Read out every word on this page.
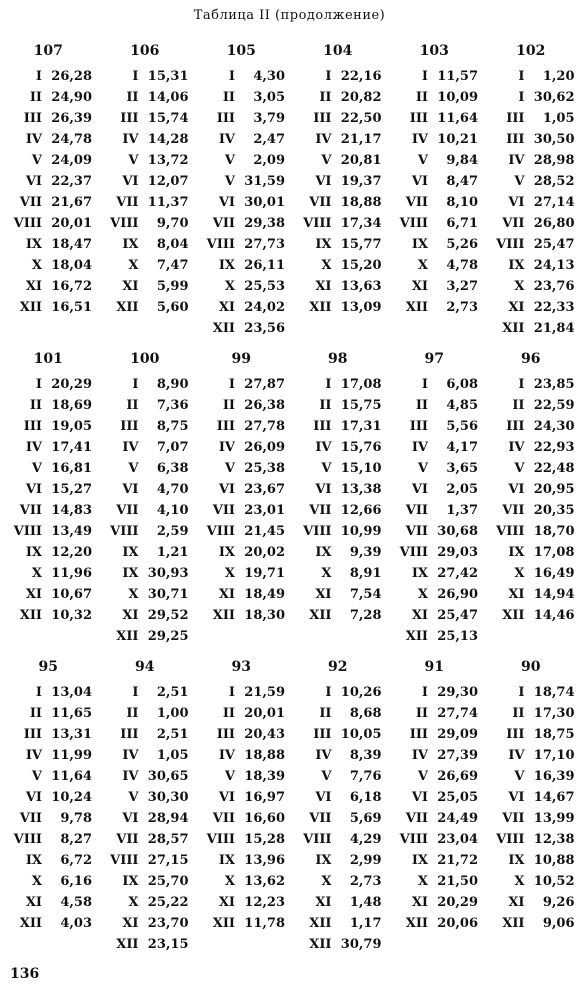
Таблица II (продолжение)
107
I 26,28
II 24,90
III 26,39
IV 24,78
V 24,09
VI 22,37
VII 21,67
VIII 20,01
IX 18,47
X 18,04
XI 16,72
XII 16,51
106
I 15,31
II 14,06
III 15,74
IV 14,28
V 13,72
VI 12,07
VII 11,37
VIII	9,70
IX	8,04
X	7,47
XI	5,99
XII	5,60
105
I	4,30
II	3,05
III	3,79
IV	2,47
V	2,09
V 31,59
VI 30,01
VII 29,38
VIII 27,73
IX 26,11
X 25,53
XI 24,02
XII 23,56
104
I 22,16
II 20,82
III 22,50
IV 21,17
V 20,81
VI 19,37
VII 18,88
VIII 17,34
IX 15,77
X 15,20
XI 13,63
XII 13,09
103
I 11,57
II 10,09
III 11,64
IV 10,21
V	9,84
VI	8,47
VII	8,10
VIII	6,71
IX	5,26
X	4,78
XI	3,27
XII	2,73
102
I	1,20
I 30,62
III	1,05
III 30,50
IV 28,98
V 28,52
VI 27,14
VII 26,80
VIII 25,47
IX 24,13
X 23,76
XI 22,33
XII 21,84
101
I 20,29
II 18,69
III 19,05
IV 17,41
V 16,81
VI 15,27
VII 14,83
VIII 13,49
IX 12,20
X 11,96
XI 10,67
XII 10,32
100
I	8,90
II	7,36
III	8,75
IV	7,07
V	6,38
VI	4,70
VII	4,10
VIII	2,59
IX	1,21
IX 30,93
X 30,71
XI 29,52
XII 29,25
99
I 27,87
II 26,38
III 27,78
IV 26,09
V 25,38
VI 23,67
VII 23,01
VIII 21,45
IX 20,02
X 19,71
XI 18,49
XII 18,30
98
I 17,08
II 15,75
III 17,31
IV 15,76
V 15,10
VI 13,38
VII 12,66
VIII 10,99
IX	9,39
X	8,91
XI	7,54
XII	7,28
97
I	6,08
II	4,85
III	5,56
IV	4,17
V	3,65
VI	2,05
VII	1,37
VII 30,68
VIII 29,03
IX 27,42
X 26,90
XI 25,47
XII 25,13
96
I 23,85
II 22,59
III 24,30
IV 22,93
V 22,48
VI 20,95
VII 20,35
VIII 18,70
IX 17,08
X 16,49
XI 14,94
XII 14,46
95
I 13,04
II 11,65
III 13,31
IV 11,99
V 11,64
VI 10,24
VII	9,78
VIII	8,27
IX	6,72
X	6,16
XI	4,58
XII	4,03
94
I	2,51
II	1,00
III	2,51
IV	1,05
IV 30,65
V 30,30
VI 28,94
VII 28,57
VIII 27,15
IX 25,70
X 25,22
XI 23,70
XII 23,15
93
I 21,59
II 20,01
III 20,43
IV 18,88
V 18,39
VI 16,97
VII 16,60
VIII 15,28
IX 13,96
X 13,62
XI 12,23
XII 11,78
92
I 10,26
II	8,68
III 10,05
IV	8,39
V	7,76
VI	6,18
VII	5,69
VIII	4,29
IX	2,99
X	2,73
XI	1,48
XII	1,17
XII 30,79
91
I 29,30
II 27,74
III 29,09
IV 27,39
V 26,69
VI 25,05
VII 24,49
VIII 23,04
IX 21,72
X 21,50
XI 20,29
XII 20,06
90
I 18,74
II 17,30
III 18,75
IV 17,10
V 16,39
VI 14,67
VII 13,99
VIII 12,38
IX 10,88
X 10,52
XI	9,26
XII	9,06
136
